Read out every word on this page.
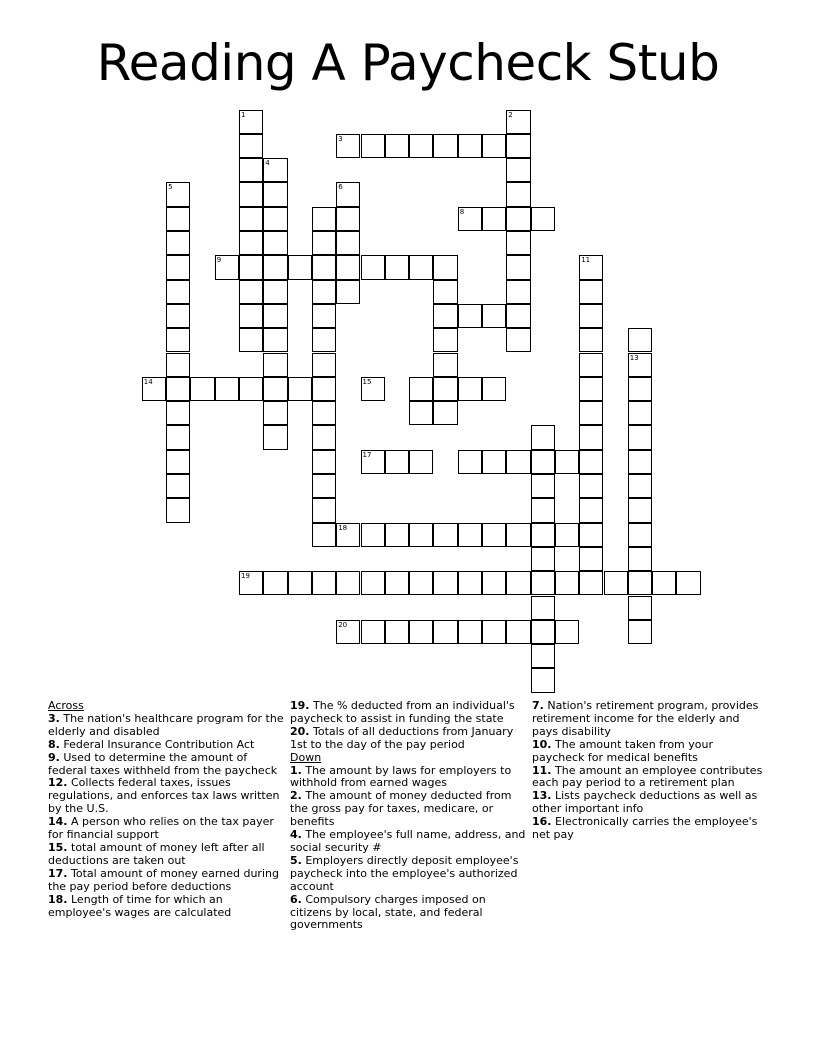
Reading A Paycheck Stub
1	2
3
4
5	6
8
9	11
13
14	15
17
18
19
20
Across
3. The nation's healthcare program for the elderly and disabled
8. Federal Insurance Contribution Act
9. Used to determine the amount of federal taxes withheld from the paycheck
12. Collects federal taxes, issues regulations, and enforces tax laws written by the U.S.
14. A person who relies on the tax payer for financial support
15. total amount of money left after all deductions are taken out
17. Total amount of money earned during the pay period before deductions
18. Length of time for which an employee's wages are calculated
19. The % deducted from an individual's paycheck to assist in funding the state
20. Totals of all deductions from January 1st to the day of the pay period
Down
1. The amount by laws for employers to withhold from earned wages
2. The amount of money deducted from the gross pay for taxes, medicare, or benefits
4. The employee's full name, address, and social security #
5. Employers directly deposit employee's paycheck into the employee's authorized account
6. Compulsory charges imposed on citizens by local, state, and federal governments
7. Nation's retirement program, provides retirement income for the elderly and pays disability
10. The amount taken from your paycheck for medical benefits
11. The amount an employee contributes each pay period to a retirement plan
13. Lists paycheck deductions as well as other important info
16. Electronically carries the employee's net pay
